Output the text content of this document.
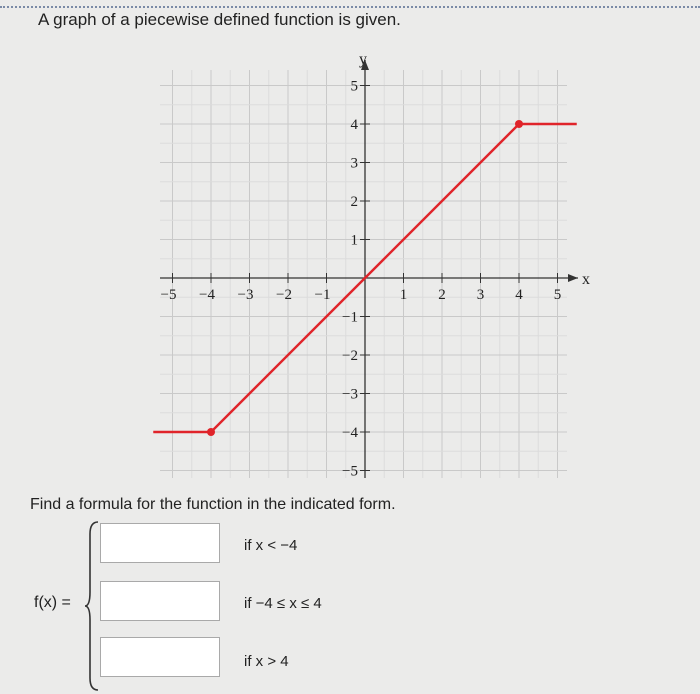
A graph of a piecewise defined function is given.
−5 −4 −3 −2 −1	1 2 3 4 5
−5
−4
−3
−2
−1
1
2
3
4
5
x
y
Find a formula for the function in the indicated form.
f(x) =
if x < −4
if −4 ≤ x ≤ 4
if x > 4
